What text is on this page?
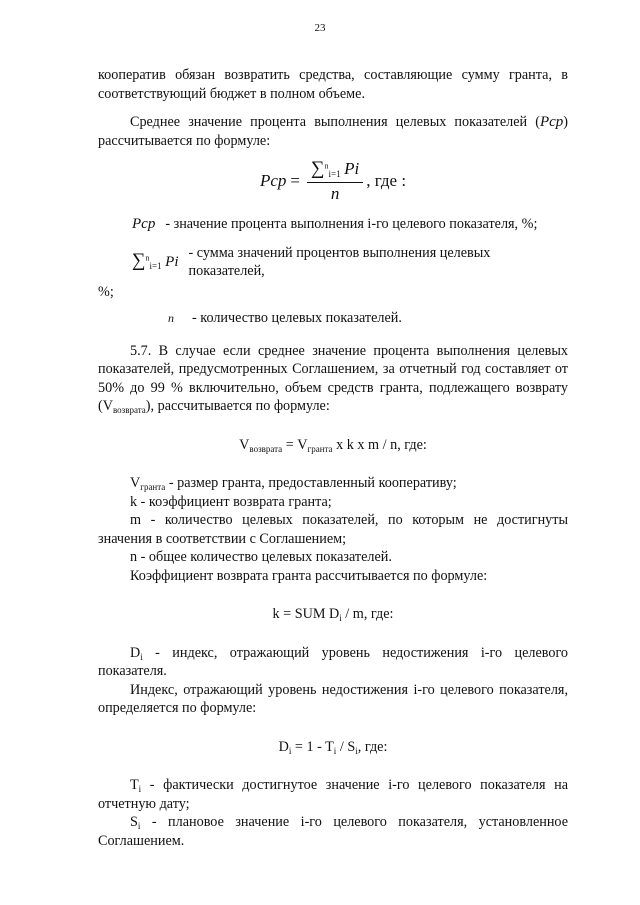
23

кооператив обязан возвратить средства, составляющие сумму гранта, в соответствующий бюджет в полном объеме.

Среднее значение процента выполнения целевых показателей (Pcp) рассчитывается по формуле:

Pcp = $\frac{\sum^n_{i=1} Pi}{n}$ , где :
Pcp - значение процента выполнения i-го целевого показателя, %;
∑$^n_{i=1}$ Pi
- сумма значений процентов выполнения целевых показателей,

%;

n - количество целевых показателей.

5.7. В случае если среднее значение процента выполнения целевых показателей, предусмотренных Соглашением, за отчетный год составляет от 50% до 99 % включительно, объем средств гранта, подлежащего возврату $(V_{возврата})$, рассчитывается по формуле:

$V_{возврата} = V_{гранта}$ x k x m / n, где:

$V_{гранта}$ - размер гранта, предоставленный кооперативу;

k - коэффициент возврата гранта;

m - количество целевых показателей, по которым не достигнуты значения в соответствии с Соглашением;

n - общее количество целевых показателей.

Коэффициент возврата гранта рассчитывается по формуле:

k = SUM $D_i$ / m, где:

$D_i$ - индекс, отражающий уровень недостижения i-го целевого показателя.

Индекс, отражающий уровень недостижения i-го целевого показателя, определяется по формуле:

$D_i = 1 - T_i / S_i$, где:

$T_i$ - фактически достигнутое значение i-го целевого показателя на отчетную дату;

$S_i$ - плановое значение i-го целевого показателя, установленное Соглашением.
